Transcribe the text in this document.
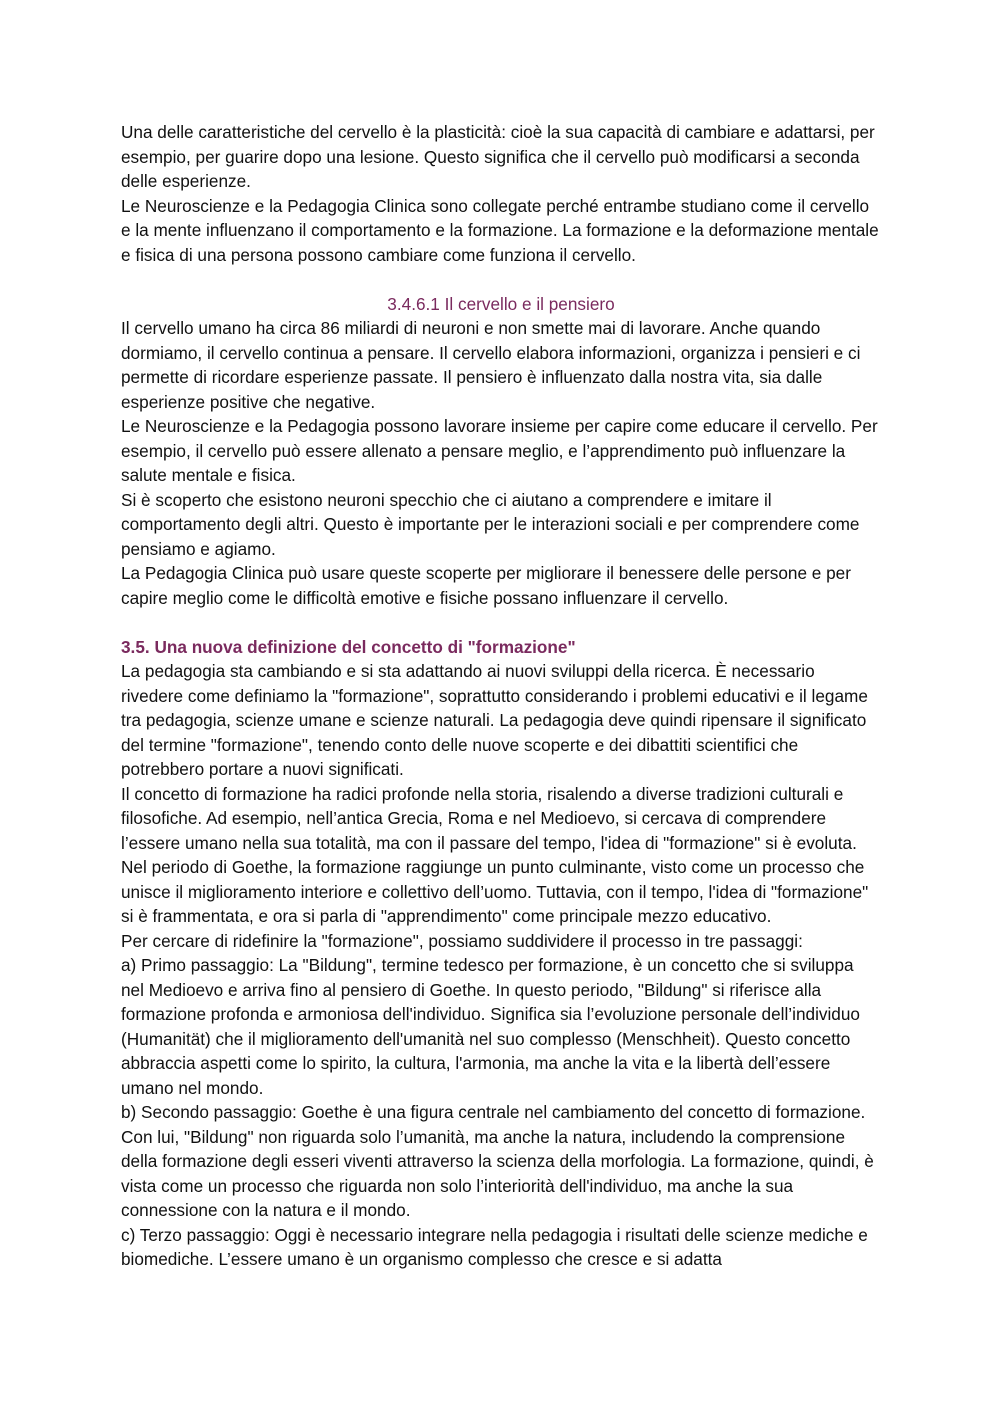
Una delle caratteristiche del cervello è la plasticità: cioè la sua capacità di cambiare e adattarsi, per esempio, per guarire dopo una lesione. Questo significa che il cervello può modificarsi a seconda delle esperienze.

Le Neuroscienze e la Pedagogia Clinica sono collegate perché entrambe studiano come il cervello e la mente influenzano il comportamento e la formazione. La formazione e la deformazione mentale e fisica di una persona possono cambiare come funziona il cervello.

3.4.6.1 Il cervello e il pensiero

Il cervello umano ha circa 86 miliardi di neuroni e non smette mai di lavorare. Anche quando dormiamo, il cervello continua a pensare. Il cervello elabora informazioni, organizza i pensieri e ci permette di ricordare esperienze passate. Il pensiero è influenzato dalla nostra vita, sia dalle esperienze positive che negative.

Le Neuroscienze e la Pedagogia possono lavorare insieme per capire come educare il cervello. Per esempio, il cervello può essere allenato a pensare meglio, e l’apprendimento può influenzare la salute mentale e fisica.

Si è scoperto che esistono neuroni specchio che ci aiutano a comprendere e imitare il comportamento degli altri. Questo è importante per le interazioni sociali e per comprendere come pensiamo e agiamo.

La Pedagogia Clinica può usare queste scoperte per migliorare il benessere delle persone e per capire meglio come le difficoltà emotive e fisiche possano influenzare il cervello.

3.5. Una nuova definizione del concetto di "formazione"

La pedagogia sta cambiando e si sta adattando ai nuovi sviluppi della ricerca. È necessario rivedere come definiamo la "formazione", soprattutto considerando i problemi educativi e il legame tra pedagogia, scienze umane e scienze naturali. La pedagogia deve quindi ripensare il significato del termine "formazione", tenendo conto delle nuove scoperte e dei dibattiti scientifici che potrebbero portare a nuovi significati.

Il concetto di formazione ha radici profonde nella storia, risalendo a diverse tradizioni culturali e filosofiche. Ad esempio, nell’antica Grecia, Roma e nel Medioevo, si cercava di comprendere l’essere umano nella sua totalità, ma con il passare del tempo, l'idea di "formazione" si è evoluta. Nel periodo di Goethe, la formazione raggiunge un punto culminante, visto come un processo che unisce il miglioramento interiore e collettivo dell’uomo. Tuttavia, con il tempo, l'idea di "formazione" si è frammentata, e ora si parla di "apprendimento" come principale mezzo educativo.

Per cercare di ridefinire la "formazione", possiamo suddividere il processo in tre passaggi:

a) Primo passaggio: La "Bildung", termine tedesco per formazione, è un concetto che si sviluppa nel Medioevo e arriva fino al pensiero di Goethe. In questo periodo, "Bildung" si riferisce alla formazione profonda e armoniosa dell'individuo. Significa sia l’evoluzione personale dell’individuo (Humanität) che il miglioramento dell'umanità nel suo complesso (Menschheit). Questo concetto abbraccia aspetti come lo spirito, la cultura, l'armonia, ma anche la vita e la libertà dell’essere umano nel mondo.

b) Secondo passaggio: Goethe è una figura centrale nel cambiamento del concetto di formazione. Con lui, "Bildung" non riguarda solo l’umanità, ma anche la natura, includendo la comprensione della formazione degli esseri viventi attraverso la scienza della morfologia. La formazione, quindi, è vista come un processo che riguarda non solo l’interiorità dell'individuo, ma anche la sua connessione con la natura e il mondo.

c) Terzo passaggio: Oggi è necessario integrare nella pedagogia i risultati delle scienze mediche e biomediche. L’essere umano è un organismo complesso che cresce e si adatta
